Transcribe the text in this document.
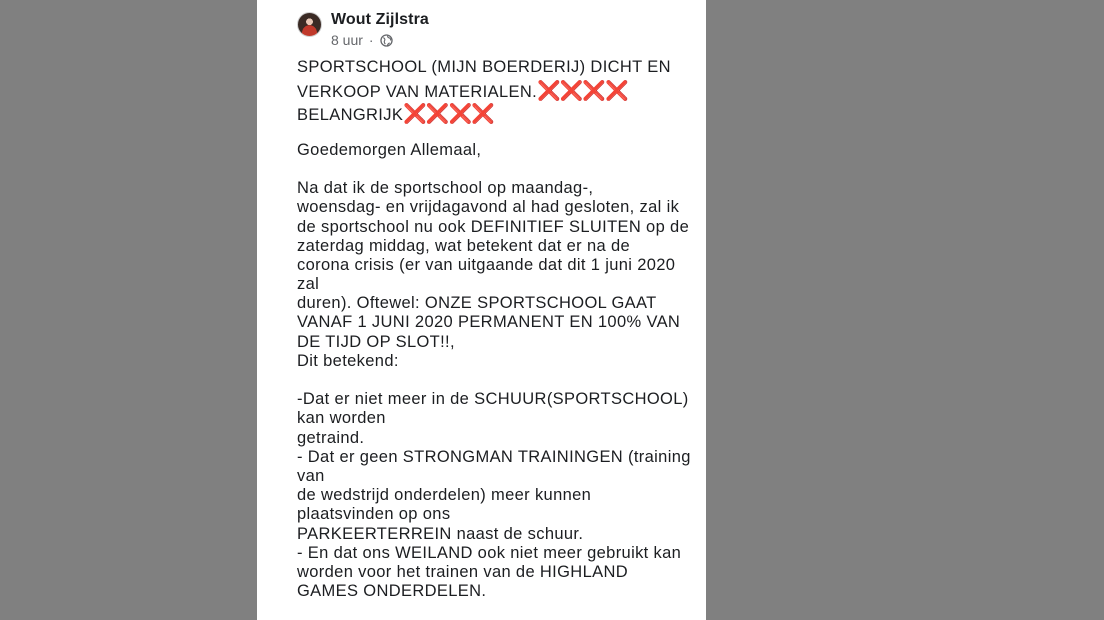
Wout Zijlstra
8 uur ·
SPORTSCHOOL (MIJN BOERDERIJ) DICHT EN
VERKOOP VAN MATERIALEN.❌❌❌❌
BELANGRIJK❌❌❌❌
Goedemorgen Allemaal,
Na dat ik de sportschool op maandag-,
woensdag- en vrijdagavond al had gesloten, zal ik
de sportschool nu ook DEFINITIEF SLUITEN op de
zaterdag middag, wat betekent dat er na de
corona crisis (er van uitgaande dat dit 1 juni 2020
zal
duren). Oftewel: ONZE SPORTSCHOOL GAAT
VANAF 1 JUNI 2020 PERMANENT EN 100% VAN
DE TIJD OP SLOT!!,
Dit betekend:
-Dat er niet meer in de SCHUUR(SPORTSCHOOL)
kan worden
getraind.
- Dat er geen STRONGMAN TRAININGEN (training
van
de wedstrijd onderdelen) meer kunnen
plaatsvinden op ons
PARKEERTERREIN naast de schuur.
- En dat ons WEILAND ook niet meer gebruikt kan
worden voor het trainen van de HIGHLAND
GAMES ONDERDELEN.
